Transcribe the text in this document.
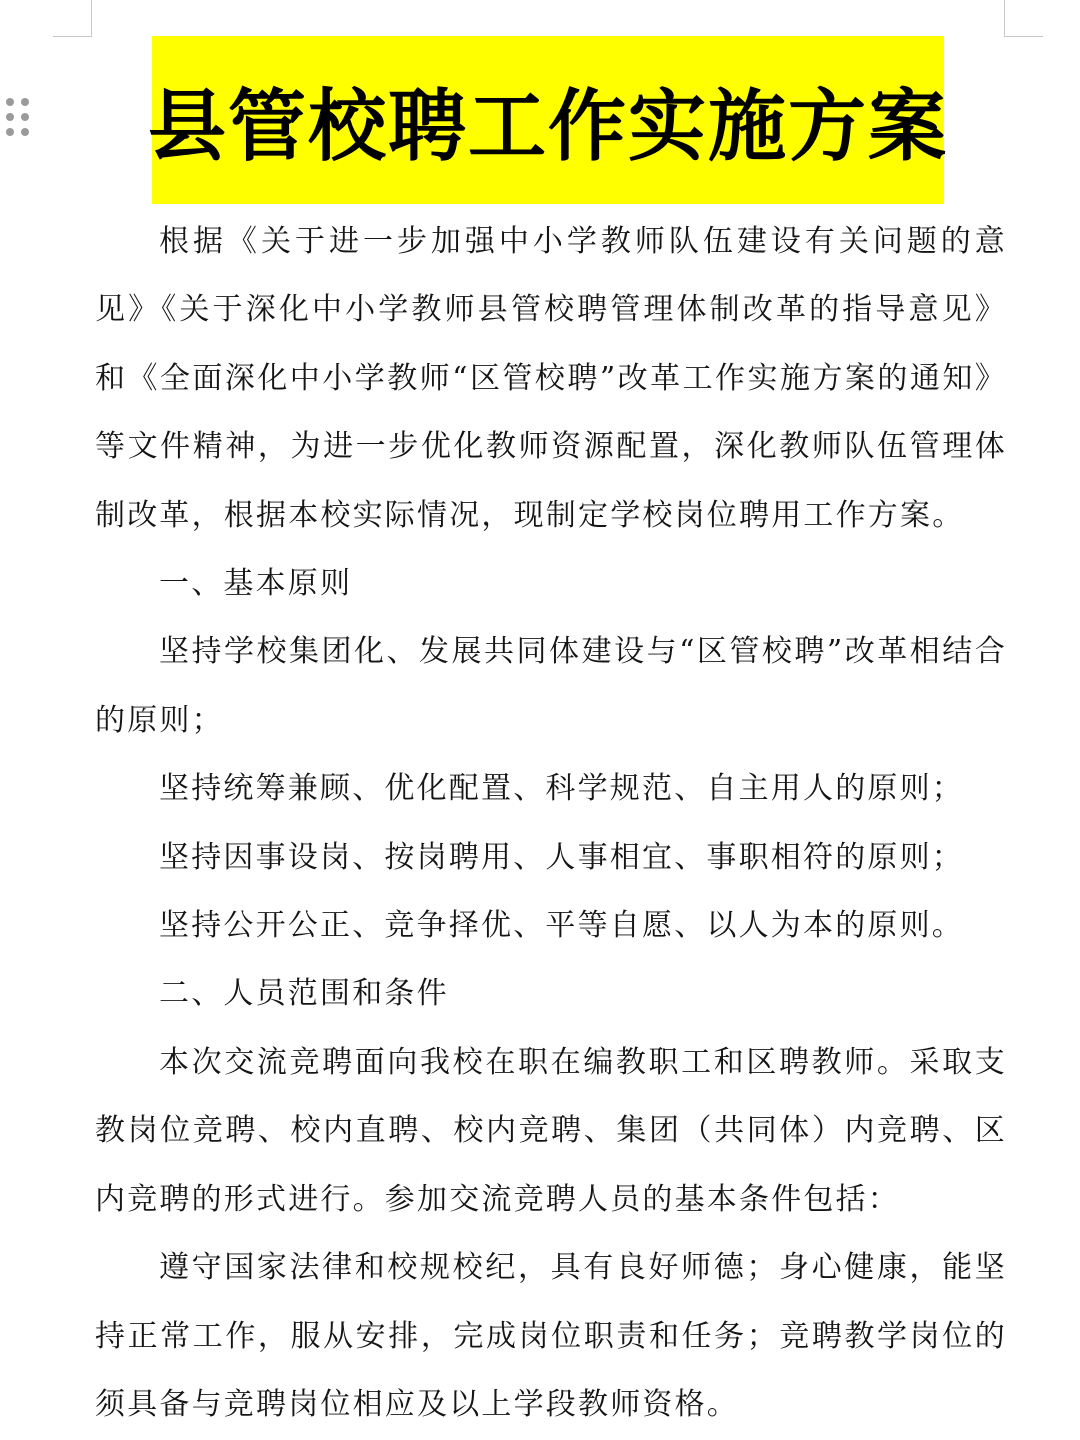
县管校聘工作实施方案

根据《关于进一步加强中小学教师队伍建设有关问题的意见》《关于深化中小学教师县管校聘管理体制改革的指导意见》和《全面深化中小学教师“区管校聘”改革工作实施方案的通知》等文件精神，为进一步优化教师资源配置，深化教师队伍管理体制改革，根据本校实际情况，现制定学校岗位聘用工作方案。

一、基本原则

坚持学校集团化、发展共同体建设与“区管校聘”改革相结合的原则；

坚持统筹兼顾、优化配置、科学规范、自主用人的原则；

坚持因事设岗、按岗聘用、人事相宜、事职相符的原则；

坚持公开公正、竞争择优、平等自愿、以人为本的原则。

二、人员范围和条件

本次交流竞聘面向我校在职在编教职工和区聘教师。采取支教岗位竞聘、校内直聘、校内竞聘、集团（共同体）内竞聘、区内竞聘的形式进行。参加交流竞聘人员的基本条件包括：

遵守国家法律和校规校纪，具有良好师德；身心健康，能坚持正常工作，服从安排，完成岗位职责和任务；竞聘教学岗位的须具备与竞聘岗位相应及以上学段教师资格。
